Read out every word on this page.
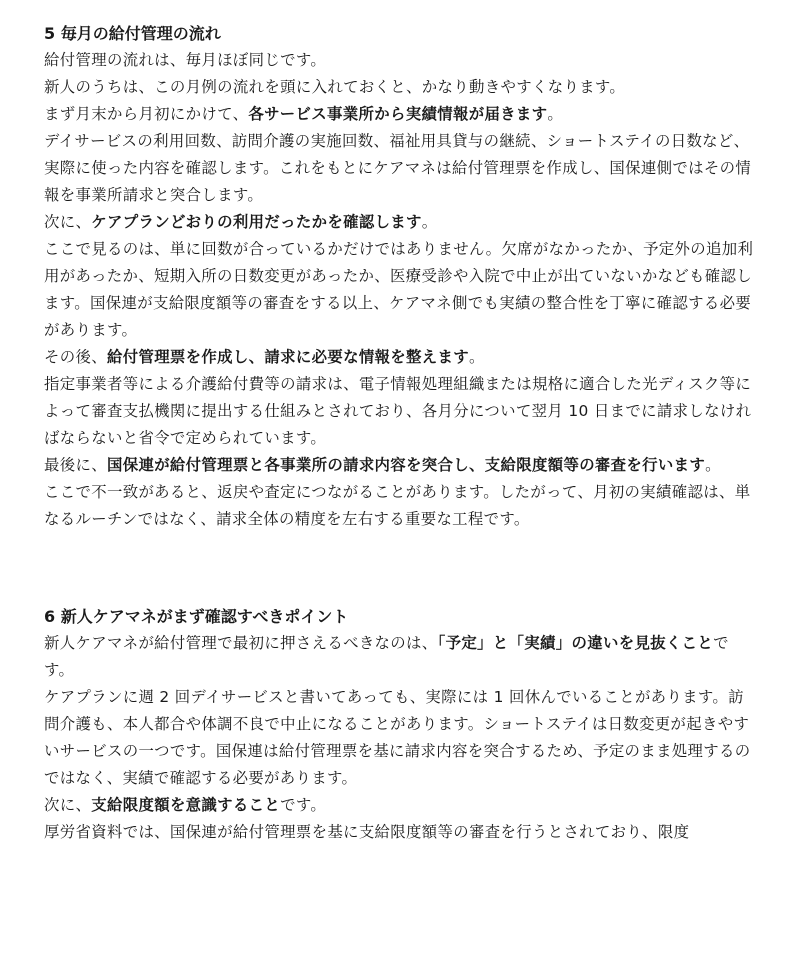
5 毎月の給付管理の流れ

給付管理の流れは、毎月ほぼ同じです。

新人のうちは、この月例の流れを頭に入れておくと、かなり動きやすくなります。

まず月末から月初にかけて、各サービス事業所から実績情報が届きます。

デイサービスの利用回数、訪問介護の実施回数、福祉用具貸与の継続、ショートステイの日数など、実際に使った内容を確認します。これをもとにケアマネは給付管理票を作成し、国保連側ではその情報を事業所請求と突合します。

次に、ケアプランどおりの利用だったかを確認します。

ここで見るのは、単に回数が合っているかだけではありません。欠席がなかったか、予定外の追加利用があったか、短期入所の日数変更があったか、医療受診や入院で中止が出ていないかなども確認します。国保連が支給限度額等の審査をする以上、ケアマネ側でも実績の整合性を丁寧に確認する必要があります。

その後、給付管理票を作成し、請求に必要な情報を整えます。

指定事業者等による介護給付費等の請求は、電子情報処理組織または規格に適合した光ディスク等によって審査支払機関に提出する仕組みとされており、各月分について翌月 10 日までに請求しなければならないと省令で定められています。

最後に、国保連が給付管理票と各事業所の請求内容を突合し、支給限度額等の審査を行います。

ここで不一致があると、返戻や査定につながることがあります。したがって、月初の実績確認は、単なるルーチンではなく、請求全体の精度を左右する重要な工程です。

6 新人ケアマネがまず確認すべきポイント

新人ケアマネが給付管理で最初に押さえるべきなのは、「予定」と「実績」の違いを見抜くことです。

ケアプランに週 2 回デイサービスと書いてあっても、実際には 1 回休んでいることがあります。訪問介護も、本人都合や体調不良で中止になることがあります。ショートステイは日数変更が起きやすいサービスの一つです。国保連は給付管理票を基に請求内容を突合するため、予定のまま処理するのではなく、実績で確認する必要があります。

次に、支給限度額を意識することです。

厚労省資料では、国保連が給付管理票を基に支給限度額等の審査を行うとされており、限度
